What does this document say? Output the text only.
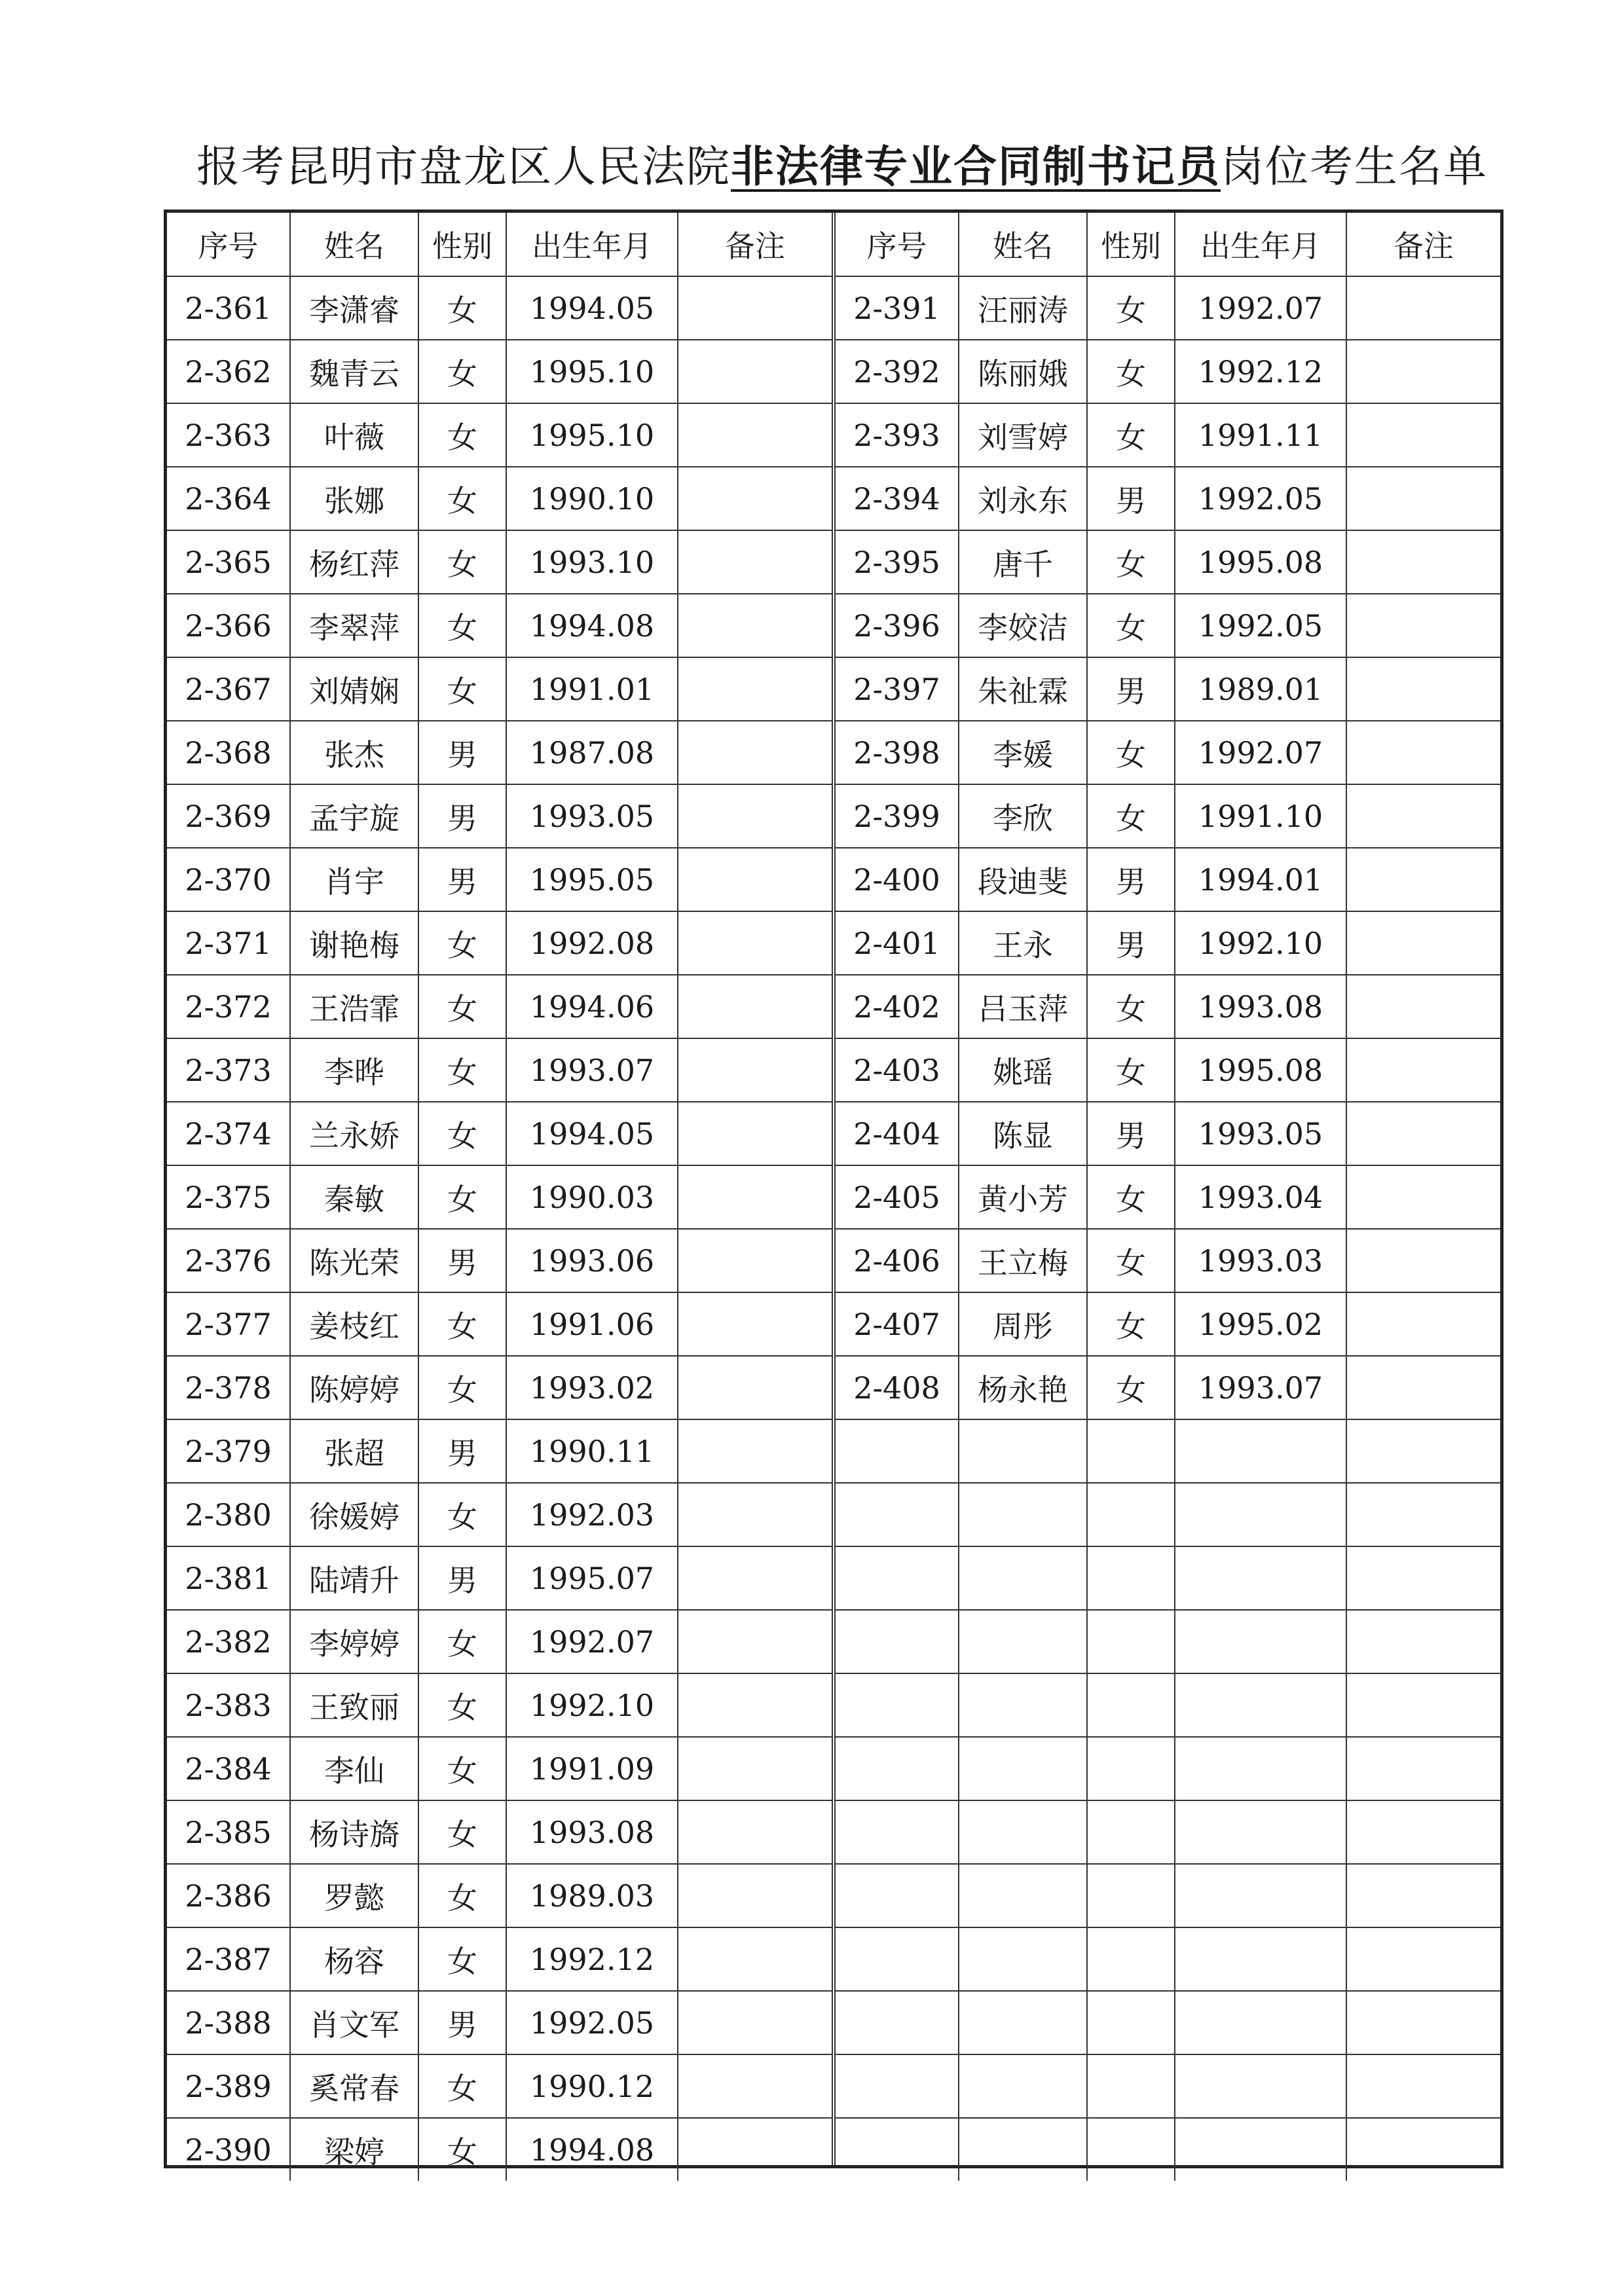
报考昆明市盘龙区人民法院非法律专业合同制书记员岗位考生名单
序号	姓名	性别	出生年月	备注
2-361	李潇睿	女	1994.05	
2-362	魏青云	女	1995.10	
2-363	叶薇	女	1995.10	
2-364	张娜	女	1990.10	
2-365	杨红萍	女	1993.10	
2-366	李翠萍	女	1994.08	
2-367	刘婧娴	女	1991.01	
2-368	张杰	男	1987.08	
2-369	孟宇旋	男	1993.05	
2-370	肖宇	男	1995.05	
2-371	谢艳梅	女	1992.08	
2-372	王浩霏	女	1994.06	
2-373	李晔	女	1993.07	
2-374	兰永娇	女	1994.05	
2-375	秦敏	女	1990.03	
2-376	陈光荣	男	1993.06	
2-377	姜枝红	女	1991.06	
2-378	陈婷婷	女	1993.02	
2-379	张超	男	1990.11	
2-380	徐媛婷	女	1992.03	
2-381	陆靖升	男	1995.07	
2-382	李婷婷	女	1992.07	
2-383	王致丽	女	1992.10	
2-384	李仙	女	1991.09	
2-385	杨诗旖	女	1993.08	
2-386	罗懿	女	1989.03	
2-387	杨容	女	1992.12	
2-388	肖文军	男	1992.05	
2-389	奚常春	女	1990.12	
2-390	梁婷	女	1994.08	
序号	姓名	性别	出生年月	备注
2-391	汪丽涛	女	1992.07	
2-392	陈丽娥	女	1992.12	
2-393	刘雪婷	女	1991.11	
2-394	刘永东	男	1992.05	
2-395	唐千	女	1995.08	
2-396	李姣洁	女	1992.05	
2-397	朱祉霖	男	1989.01	
2-398	李媛	女	1992.07	
2-399	李欣	女	1991.10	
2-400	段迪斐	男	1994.01	
2-401	王永	男	1992.10	
2-402	吕玉萍	女	1993.08	
2-403	姚瑶	女	1995.08	
2-404	陈显	男	1993.05	
2-405	黄小芳	女	1993.04	
2-406	王立梅	女	1993.03	
2-407	周彤	女	1995.02	
2-408	杨永艳	女	1993.07	
